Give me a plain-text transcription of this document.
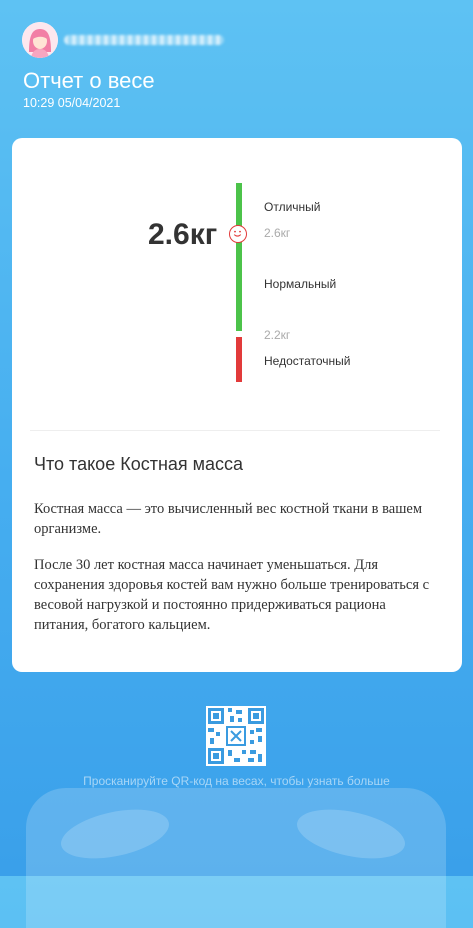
Отчет о весе
10:29 05/04/2021
2.6кг
Отличный
2.6кг
Нормальный
2.2кг
Недостаточный
Что такое Костная масса
Костная масса — это вычисленный вес костной ткани в вашем организме.
После 30 лет костная масса начинает уменьшаться. Для сохранения здоровья костей вам нужно больше тренироваться с весовой нагрузкой и постоянно придерживаться рациона питания, богатого кальцием.
Просканируйте QR-код на весах, чтобы узнать больше
